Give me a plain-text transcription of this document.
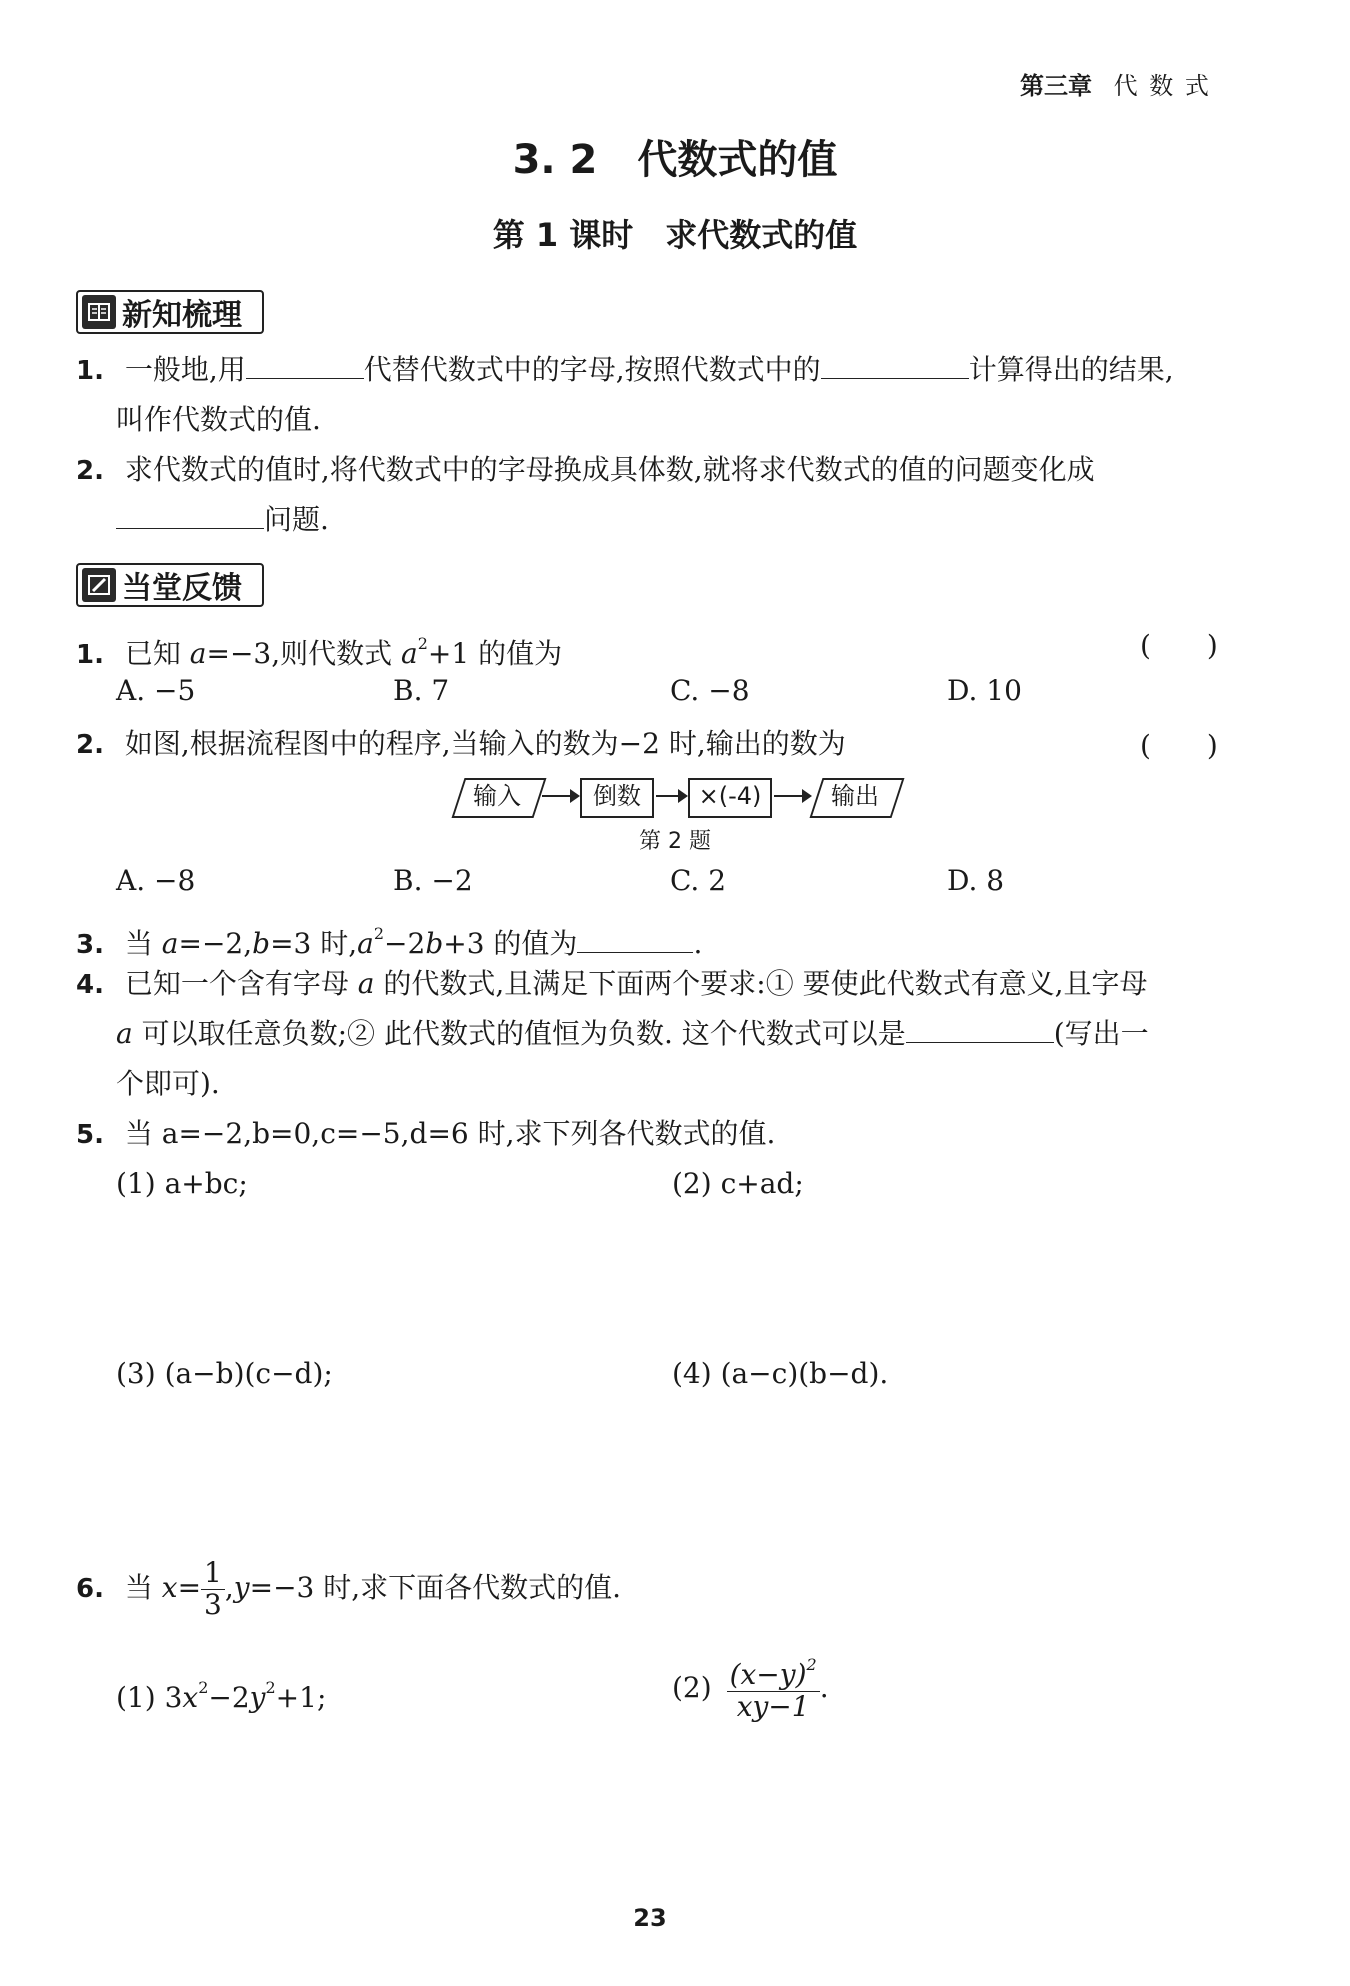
第三章 代 数 式
3. 2　代数式的值
第 1 课时　求代数式的值
新知梳理
1. 一般地,用	代替代数式中的字母,按照代数式中的	计算得出的结果,
叫作代数式的值.
2. 求代数式的值时,将代数式中的字母换成具体数,就将求代数式的值的问题变化成
问题.
当堂反馈
1. 已知 a=−3,则代数式 $a^2+1$ 的值为	(　　)
A. −5	B. 7	C. −8	D. 10
2. 如图,根据流程图中的程序,当输入的数为−2 时,输出的数为	(　　)
输入	倒数	×(-4)	输出
第 2 题
A. −8	B. −2	C. 2	D. 8
3. 当 a=−2,b=3 时$,a^2-2b+3$ 的值为	.
4. 已知一个含有字母 a 的代数式,且满足下面两个要求:① 要使此代数式有意义,且字母
a 可以取任意负数;② 此代数式的值恒为负数. 这个代数式可以是	(写出一
个即可).
5. 当 a=−2,b=0,c=−5,d=6 时,求下列各代数式的值.
(1) a+bc;	(2) c+ad;
(3) (a−b)(c−d);	(4) (a−c)(b−d).
6. 当 $x= \frac{1}{3} ,y=-3$ 时,求下面各代数式的值.
(1) $3x^2-2y^2+1$;	$(2) \frac{(x-y)^2}{xy-1}$ .
23
